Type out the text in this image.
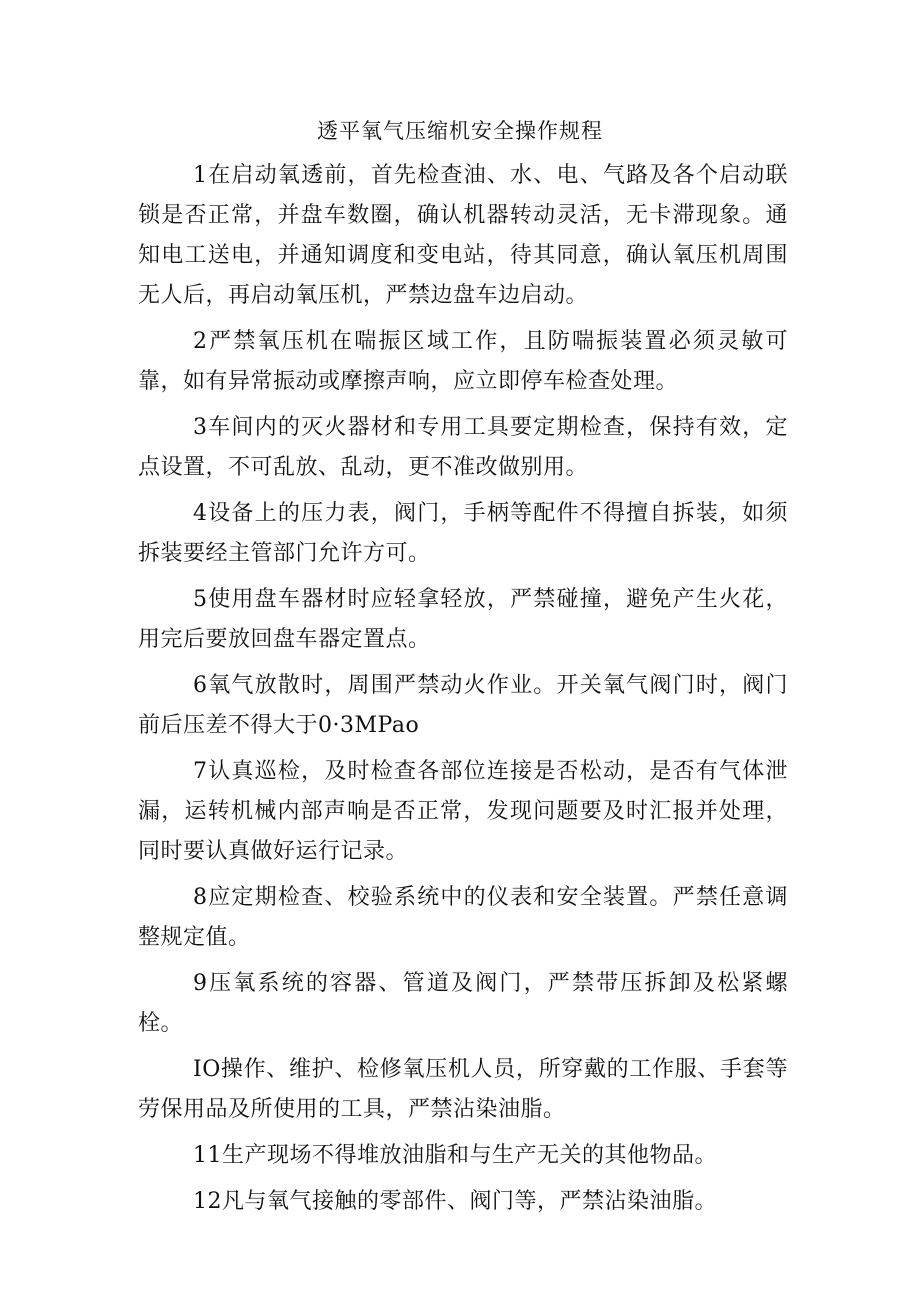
透平氧气压缩机安全操作规程

1在启动氧透前，首先检查油、水、电、气路及各个启动联锁是否正常，并盘车数圈，确认机器转动灵活，无卡滞现象。通知电工送电，并通知调度和变电站，待其同意，确认氧压机周围无人后，再启动氧压机，严禁边盘车边启动。

2严禁氧压机在喘振区域工作，且防喘振装置必须灵敏可靠，如有异常振动或摩擦声响，应立即停车检查处理。

3车间内的灭火器材和专用工具要定期检查，保持有效，定点设置，不可乱放、乱动，更不准改做别用。

4设备上的压力表，阀门，手柄等配件不得擅自拆装，如须拆装要经主管部门允许方可。

5使用盘车器材时应轻拿轻放，严禁碰撞，避免产生火花，用完后要放回盘车器定置点。

6氧气放散时，周围严禁动火作业。开关氧气阀门时，阀门前后压差不得大于0·3MPao

7认真巡检，及时检查各部位连接是否松动，是否有气体泄漏，运转机械内部声响是否正常，发现问题要及时汇报并处理，同时要认真做好运行记录。

8应定期检查、校验系统中的仪表和安全装置。严禁任意调整规定值。

9压氧系统的容器、管道及阀门，严禁带压拆卸及松紧螺栓。

IO操作、维护、检修氧压机人员，所穿戴的工作服、手套等劳保用品及所使用的工具，严禁沾染油脂。

11生产现场不得堆放油脂和与生产无关的其他物品。

12凡与氧气接触的零部件、阀门等，严禁沾染油脂。
